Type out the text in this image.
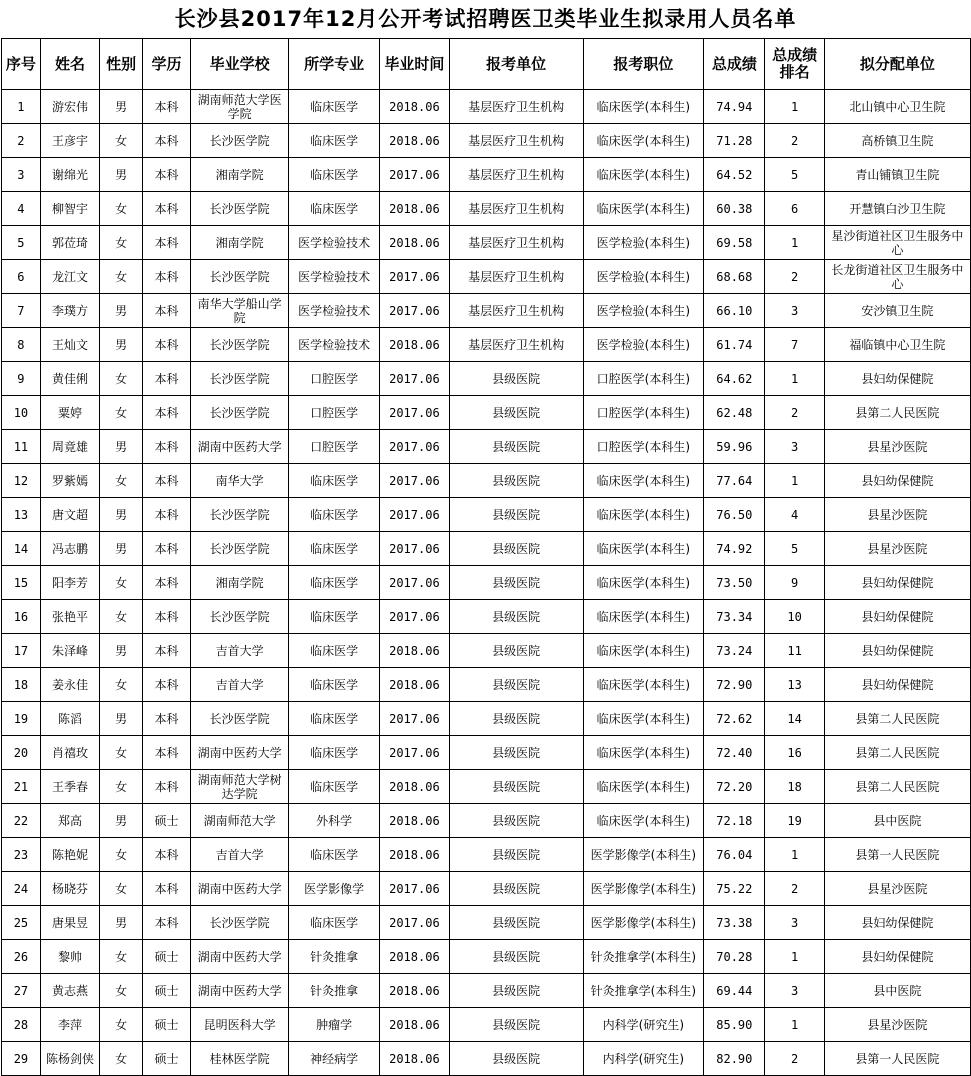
长沙县2017年12月公开考试招聘医卫类毕业生拟录用人员名单
序号	姓名	性别	学历	毕业学校	所学专业	毕业时间	报考单位	报考职位	总成绩	总成绩排名	拟分配单位
1	游宏伟	男	本科	湖南师范大学医学院	临床医学	2018.06	基层医疗卫生机构	临床医学(本科生)	74.94	1	北山镇中心卫生院
2	王彦宇	女	本科	长沙医学院	临床医学	2018.06	基层医疗卫生机构	临床医学(本科生)	71.28	2	高桥镇卫生院
3	谢绵光	男	本科	湘南学院	临床医学	2017.06	基层医疗卫生机构	临床医学(本科生)	64.52	5	青山铺镇卫生院
4	柳智宇	女	本科	长沙医学院	临床医学	2018.06	基层医疗卫生机构	临床医学(本科生)	60.38	6	开慧镇白沙卫生院
5	郭莅琦	女	本科	湘南学院	医学检验技术	2018.06	基层医疗卫生机构	医学检验(本科生)	69.58	1	星沙街道社区卫生服务中心
6	龙江文	女	本科	长沙医学院	医学检验技术	2017.06	基层医疗卫生机构	医学检验(本科生)	68.68	2	长龙街道社区卫生服务中心
7	李璞方	男	本科	南华大学船山学院	医学检验技术	2017.06	基层医疗卫生机构	医学检验(本科生)	66.10	3	安沙镇卫生院
8	王灿文	男	本科	长沙医学院	医学检验技术	2018.06	基层医疗卫生机构	医学检验(本科生)	61.74	7	福临镇中心卫生院
9	黄佳俐	女	本科	长沙医学院	口腔医学	2017.06	县级医院	口腔医学(本科生)	64.62	1	县妇幼保健院
10	粟婷	女	本科	长沙医学院	口腔医学	2017.06	县级医院	口腔医学(本科生)	62.48	2	县第二人民医院
11	周竟雄	男	本科	湖南中医药大学	口腔医学	2017.06	县级医院	口腔医学(本科生)	59.96	3	县星沙医院
12	罗紫嫣	女	本科	南华大学	临床医学	2017.06	县级医院	临床医学(本科生)	77.64	1	县妇幼保健院
13	唐文超	男	本科	长沙医学院	临床医学	2017.06	县级医院	临床医学(本科生)	76.50	4	县星沙医院
14	冯志鹏	男	本科	长沙医学院	临床医学	2017.06	县级医院	临床医学(本科生)	74.92	5	县星沙医院
15	阳李芳	女	本科	湘南学院	临床医学	2017.06	县级医院	临床医学(本科生)	73.50	9	县妇幼保健院
16	张艳平	女	本科	长沙医学院	临床医学	2017.06	县级医院	临床医学(本科生)	73.34	10	县妇幼保健院
17	朱泽峰	男	本科	吉首大学	临床医学	2018.06	县级医院	临床医学(本科生)	73.24	11	县妇幼保健院
18	姜永佳	女	本科	吉首大学	临床医学	2018.06	县级医院	临床医学(本科生)	72.90	13	县妇幼保健院
19	陈滔	男	本科	长沙医学院	临床医学	2017.06	县级医院	临床医学(本科生)	72.62	14	县第二人民医院
20	肖禧玫	女	本科	湖南中医药大学	临床医学	2017.06	县级医院	临床医学(本科生)	72.40	16	县第二人民医院
21	王季春	女	本科	湖南师范大学树达学院	临床医学	2018.06	县级医院	临床医学(本科生)	72.20	18	县第二人民医院
22	郑高	男	硕士	湖南师范大学	外科学	2018.06	县级医院	临床医学(本科生)	72.18	19	县中医院
23	陈艳妮	女	本科	吉首大学	临床医学	2018.06	县级医院	医学影像学(本科生)	76.04	1	县第一人民医院
24	杨晓芬	女	本科	湖南中医药大学	医学影像学	2017.06	县级医院	医学影像学(本科生)	75.22	2	县星沙医院
25	唐果昱	男	本科	长沙医学院	临床医学	2017.06	县级医院	医学影像学(本科生)	73.38	3	县妇幼保健院
26	黎帅	女	硕士	湖南中医药大学	针灸推拿	2018.06	县级医院	针灸推拿学(本科生)	70.28	1	县妇幼保健院
27	黄志燕	女	硕士	湖南中医药大学	针灸推拿	2018.06	县级医院	针灸推拿学(本科生)	69.44	3	县中医院
28	李萍	女	硕士	昆明医科大学	肿瘤学	2018.06	县级医院	内科学(研究生)	85.90	1	县星沙医院
29	陈杨剑侠	女	硕士	桂林医学院	神经病学	2018.06	县级医院	内科学(研究生)	82.90	2	县第一人民医院
